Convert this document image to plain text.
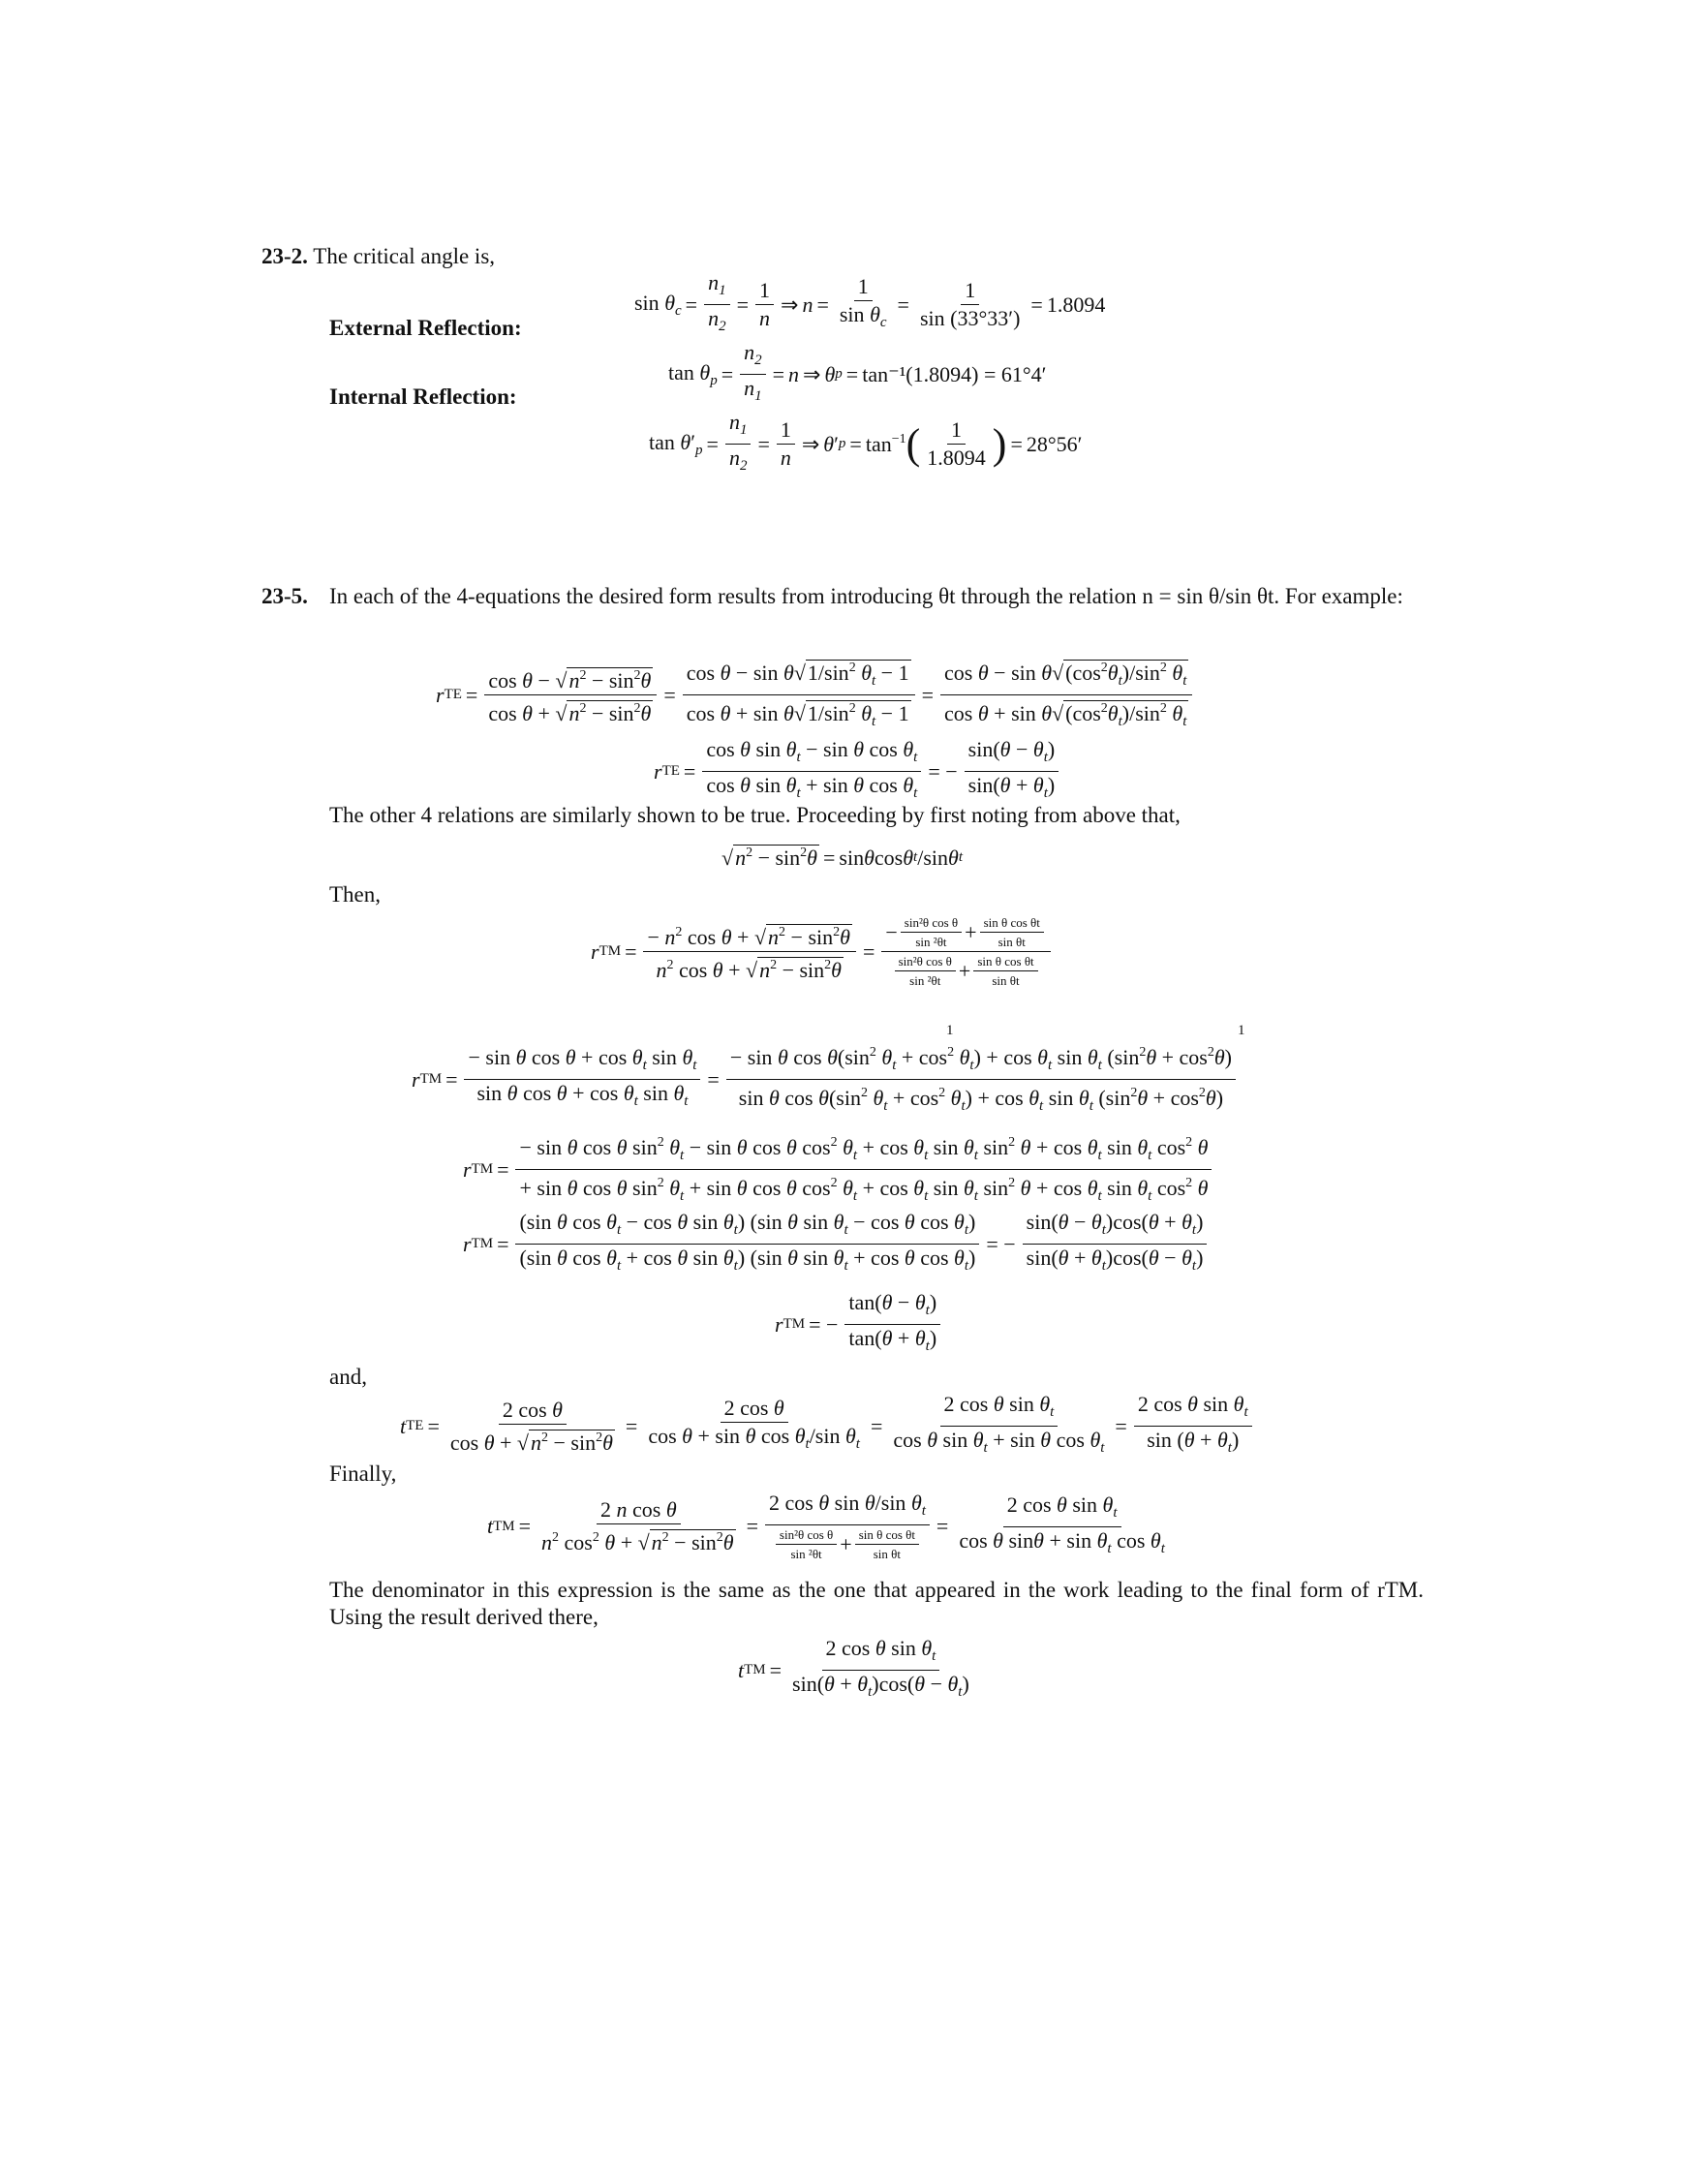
23-2. The critical angle is,
$\sin \theta_c = \frac{n_1}{n_2} = \frac{1}{n}$ ⇒ $n = \frac{1}{\sin \theta_c} = \frac{1}{\sin (33^\circ 33')} = 1.8094$
External Reflection:
$\tan \theta_p = \frac{n_2}{n_1} = n$ ⇒ θ p = tan⁻¹(1.8094) = 61°4′
Internal Reflection:
$\tan \theta'_p = \frac{n_1}{n_2} = \frac{1}{n}$ ⇒ θ ′ $p = \tan^{-1}$ ( $\frac{1}{1.8094}$ ) = 28°56′
23-5. In each of the 4-equations the desired form results from introducing θt through the relation n = sin θ/sin θt. For example:
r TE = $\frac{\cos \theta - √n^2 - \sin^2\theta}{\cos \theta + √n^2 - \sin^2\theta} = \frac{\cos \theta - \sin \theta√1/\sin^2 \theta_t - 1}{\cos \theta + \sin \theta√1/\sin^2 \theta_t - 1} = \frac{\cos \theta - \sin \theta√(\cos^2\theta_t)/\sin^2 \theta_t}{\cos \theta + \sin \theta√(\cos^2\theta_t)/\sin^2 \theta_t}$
r TE = $\frac{\cos \theta \sin \theta_t - \sin \theta \cos \theta_t}{\cos \theta \sin \theta_t + \sin \theta \cos \theta_t}$ = − $\frac{\sin(\theta - \theta_t)}{\sin(\theta + \theta_t)}$
The other 4 relations are similarly shown to be true. Proceeding by first noting from above that,
√ $n^2 - \sin^2\theta = \sin \theta$ cos θ t /sin θ t
Then,
r TM = $\frac{- n^2 \cos \theta + √n^2 - \sin^2\theta}{n^2 \cos \theta + √n^2 - \sin^2\theta} = \frac{- \frac{\text{sin²θ cos θ}}{\text{sin ²θt}} + \frac{\text{sin θ cos θt}}{\text{sin θt}}}{\frac{\text{sin²θ cos θ}}{\text{sin ²θt}} + \frac{\text{sin θ cos θt}}{\text{sin θt}}}$
1	1
r TM = $\frac{- \sin \theta \cos \theta + \cos \theta_t \sin \theta_t}{\sin \theta \cos \theta + \cos \theta_t \sin \theta_t}$ =
− sin θ $\cos \theta(\sin^2$ $\theta_t + \cos^2 \theta_t) + \cos \theta_t$ $\sin \theta_t$ $(\sin^2\theta + \cos^2\theta)$
sin θ $\cos \theta(\sin^2$ $\theta_t + \cos^2 \theta_t) + \cos \theta_t$ $\sin \theta_t$ $(\sin^2\theta + \cos^2\theta)$
r TM =
− sin θ cos θ $\sin^2 \theta_t - \sin \theta$ cos θ $\cos^2 \theta_t + \cos \theta_t$ $\sin \theta_t$ $\sin^2 \theta + \cos \theta_t$ $\sin \theta_t$ $\cos^2 \theta$
+ sin θ cos θ $\sin^2 \theta_t + \sin \theta$ cos θ $\cos^2 \theta_t + \cos \theta_t$ $\sin \theta_t$ $\sin^2 \theta + \cos \theta_t$ $\sin \theta_t$ $\cos^2 \theta$
r TM = $\frac{(\sin \theta \cos \theta_t - \cos \theta \sin \theta_t) (\sin \theta \sin \theta_t - \cos \theta \cos \theta_t)}{(\sin \theta \cos \theta_t + \cos \theta \sin \theta_t) (\sin \theta \sin \theta_t + \cos \theta \cos \theta_t)}$ = − $\frac{\sin(\theta - \theta_t)\cos(\theta + \theta_t)}{\sin(\theta + \theta_t)\cos(\theta - \theta_t)}$
r TM = − $\frac{\tan(\theta - \theta_t)}{\tan(\theta + \theta_t)}$
and,
t TE = $\frac{\text{2 cos θ}}{\cos \theta + √n^2 - \sin^2\theta} = \frac{\text{2 cos θ}}{\cos \theta + \sin \theta \cos \theta_t/\sin \theta_t} = \frac{2 \cos \theta \sin \theta_t}{\cos \theta \sin \theta_t + \sin \theta \cos \theta_t} = \frac{2 \cos \theta \sin \theta_t}{\sin (\theta + \theta_t)}$
Finally,
t TM = $\frac{\text{2 n cos θ}}{n^2 \cos^2 \theta + √n^2 - \sin^2\theta} = \frac{2 \cos \theta \sin \theta/\sin \theta_t}{\frac{\text{sin²θ cos θ}}{\text{sin ²θt}} + \frac{\text{sin θ cos θt}}{\text{sin θt}}} = \frac{2 \cos \theta \sin \theta_t}{\cos \theta \sin\theta + \sin \theta_t \cos \theta_t}$
The denominator in this expression is the same as the one that appeared in the work leading to the final form of rTM. Using the result derived there,
t TM = $\frac{2 \cos \theta \sin \theta_t}{\sin(\theta + \theta_t)\cos(\theta - \theta_t)}$
